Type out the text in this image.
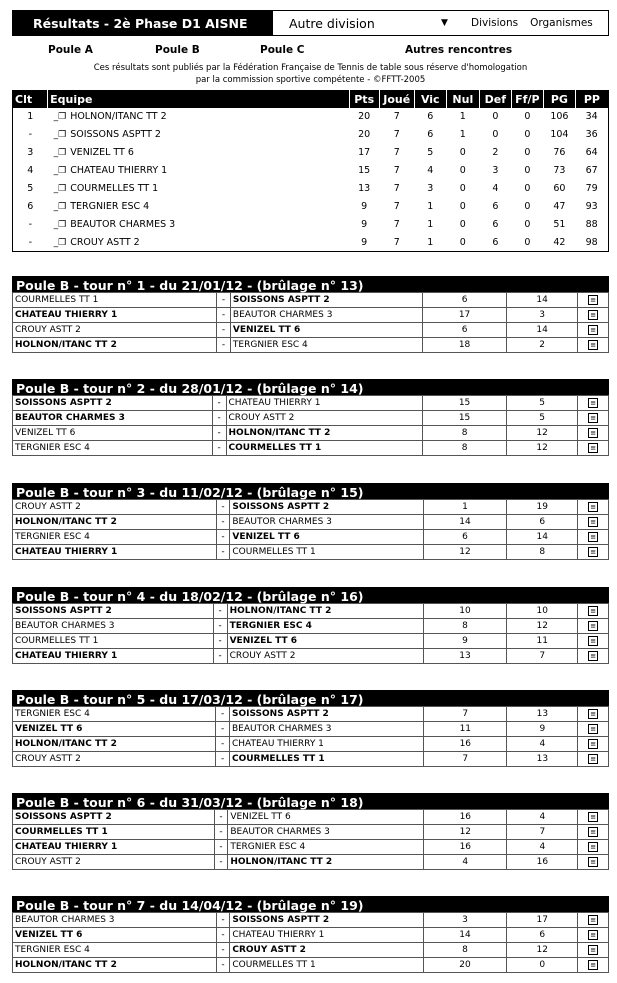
Résultats - 2è Phase D1 AISNE	Autre division	▼	Divisions Organismes
Poule A	Poule B	Poule C	Autres rencontres
Ces résultats sont publiés par la Fédération Française de Tennis de table sous réserve d'homologation
par la commission sportive compétente - ©FFTT-2005
Clt	Equipe	Pts	Joué	Vic	Nul	Def	Ff/P	PG	PP
1	_❒ HOLNON/ITANC TT 2	20	7	6	1	0	0	106	34
-	_❒ SOISSONS ASPTT 2	20	7	6	1	0	0	104	36
3	_❒ VENIZEL TT 6	17	7	5	0	2	0	76	64
4	_❒ CHATEAU THIERRY 1	15	7	4	0	3	0	73	67
5	_❒ COURMELLES TT 1	13	7	3	0	4	0	60	79
6	_❒ TERGNIER ESC 4	9	7	1	0	6	0	47	93
-	_❒ BEAUTOR CHARMES 3	9	7	1	0	6	0	51	88
-	_❒ CROUY ASTT 2	9	7	1	0	6	0	42	98
Poule B - tour n° 1 - du 21/01/12 - (brûlage n° 13)
COURMELLES TT 1	-	SOISSONS ASPTT 2	6	14	≡
CHATEAU THIERRY 1	-	BEAUTOR CHARMES 3	17	3	≡
CROUY ASTT 2	-	VENIZEL TT 6	6	14	≡
HOLNON/ITANC TT 2	-	TERGNIER ESC 4	18	2	≡
Poule B - tour n° 2 - du 28/01/12 - (brûlage n° 14)
SOISSONS ASPTT 2	-	CHATEAU THIERRY 1	15	5	≡
BEAUTOR CHARMES 3	-	CROUY ASTT 2	15	5	≡
VENIZEL TT 6	-	HOLNON/ITANC TT 2	8	12	≡
TERGNIER ESC 4	-	COURMELLES TT 1	8	12	≡
Poule B - tour n° 3 - du 11/02/12 - (brûlage n° 15)
CROUY ASTT 2	-	SOISSONS ASPTT 2	1	19	≡
HOLNON/ITANC TT 2	-	BEAUTOR CHARMES 3	14	6	≡
TERGNIER ESC 4	-	VENIZEL TT 6	6	14	≡
CHATEAU THIERRY 1	-	COURMELLES TT 1	12	8	≡
Poule B - tour n° 4 - du 18/02/12 - (brûlage n° 16)
SOISSONS ASPTT 2	-	HOLNON/ITANC TT 2	10	10	≡
BEAUTOR CHARMES 3	-	TERGNIER ESC 4	8	12	≡
COURMELLES TT 1	-	VENIZEL TT 6	9	11	≡
CHATEAU THIERRY 1	-	CROUY ASTT 2	13	7	≡
Poule B - tour n° 5 - du 17/03/12 - (brûlage n° 17)
TERGNIER ESC 4	-	SOISSONS ASPTT 2	7	13	≡
VENIZEL TT 6	-	BEAUTOR CHARMES 3	11	9	≡
HOLNON/ITANC TT 2	-	CHATEAU THIERRY 1	16	4	≡
CROUY ASTT 2	-	COURMELLES TT 1	7	13	≡
Poule B - tour n° 6 - du 31/03/12 - (brûlage n° 18)
SOISSONS ASPTT 2	-	VENIZEL TT 6	16	4	≡
COURMELLES TT 1	-	BEAUTOR CHARMES 3	12	7	≡
CHATEAU THIERRY 1	-	TERGNIER ESC 4	16	4	≡
CROUY ASTT 2	-	HOLNON/ITANC TT 2	4	16	≡
Poule B - tour n° 7 - du 14/04/12 - (brûlage n° 19)
BEAUTOR CHARMES 3	-	SOISSONS ASPTT 2	3	17	≡
VENIZEL TT 6	-	CHATEAU THIERRY 1	14	6	≡
TERGNIER ESC 4	-	CROUY ASTT 2	8	12	≡
HOLNON/ITANC TT 2	-	COURMELLES TT 1	20	0	≡
